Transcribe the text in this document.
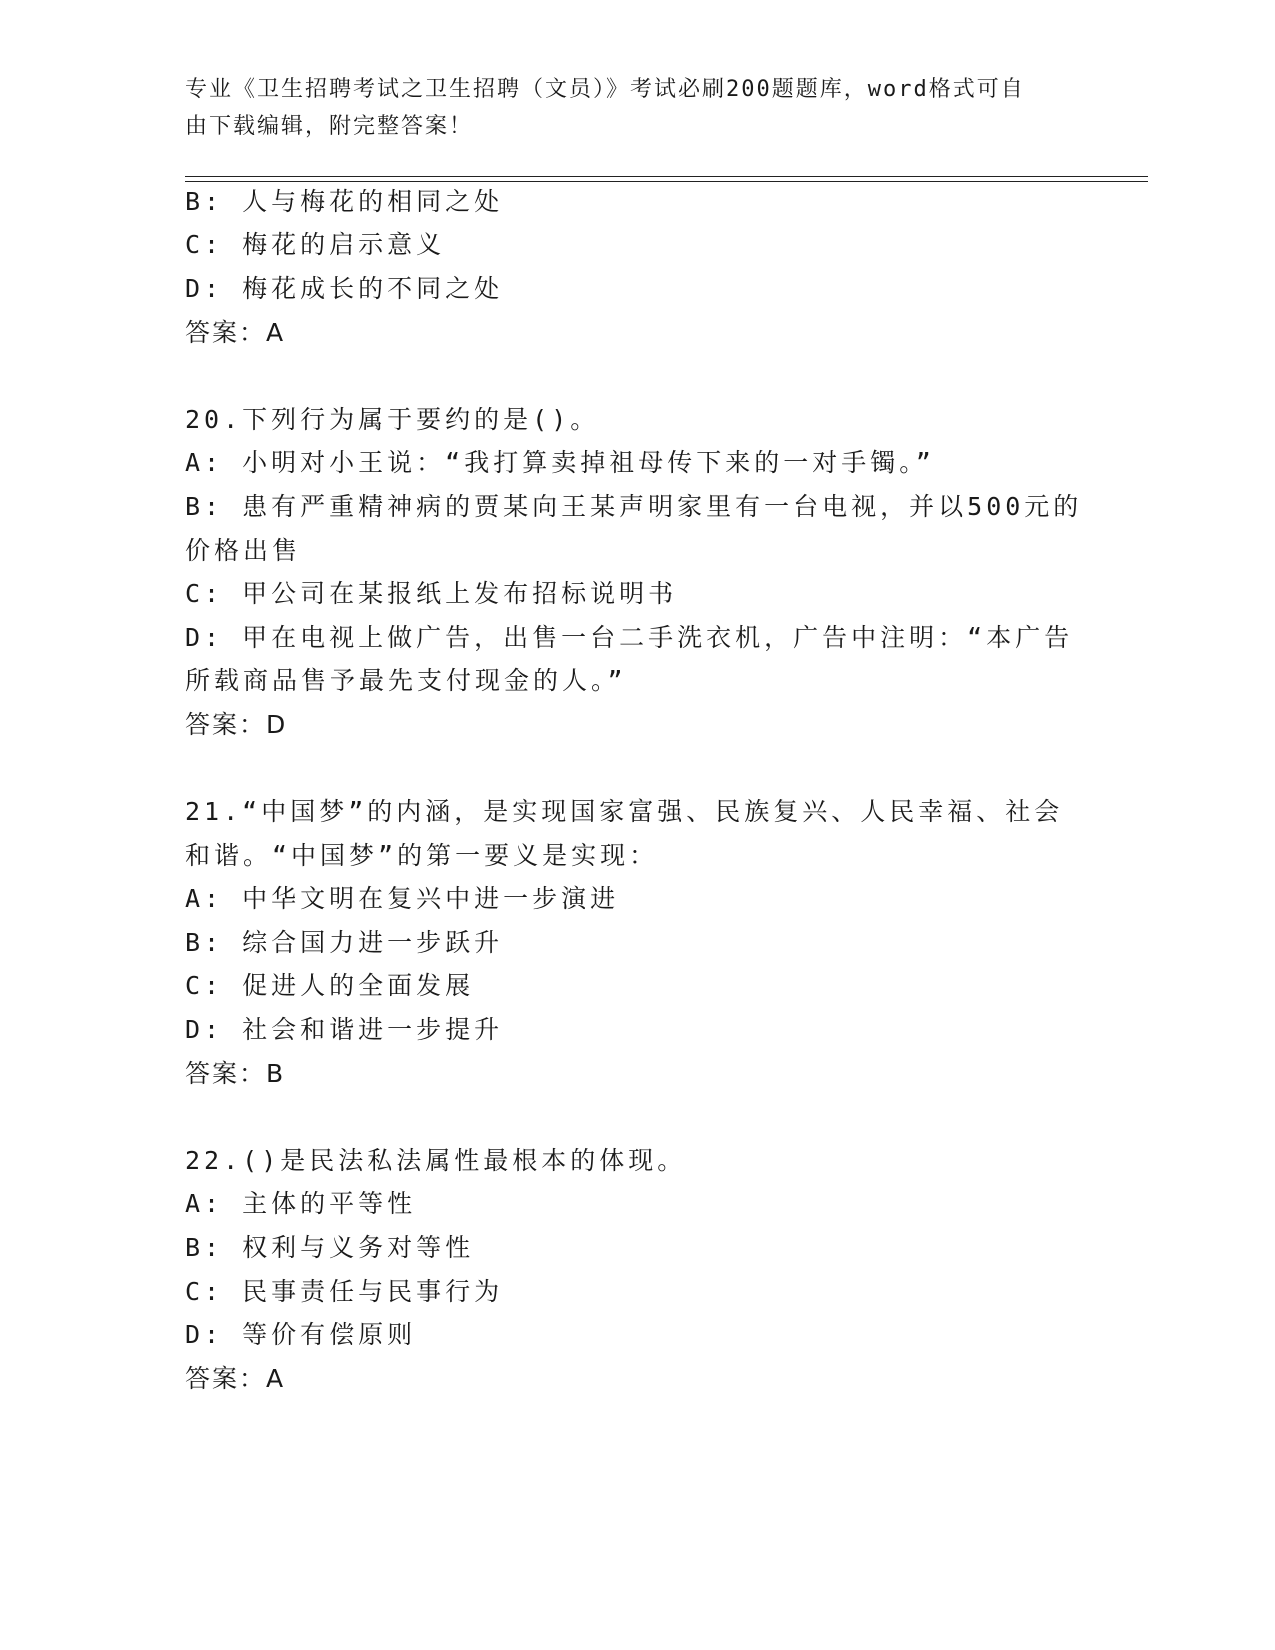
专业《卫生招聘考试之卫生招聘（文员）》考试必刷200题题库，word格式可自
由下载编辑，附完整答案！
B: 人与梅花的相同之处
C: 梅花的启示意义
D: 梅花成长的不同之处
答案：A
20.下列行为属于要约的是()。
A: 小明对小王说：“我打算卖掉祖母传下来的一对手镯。”
B: 患有严重精神病的贾某向王某声明家里有一台电视，并以500元的
价格出售
C: 甲公司在某报纸上发布招标说明书
D: 甲在电视上做广告，出售一台二手洗衣机，广告中注明：“本广告
所载商品售予最先支付现金的人。”
答案：D
21.“中国梦”的内涵，是实现国家富强、民族复兴、人民幸福、社会
和谐。“中国梦”的第一要义是实现：
A: 中华文明在复兴中进一步演进
B: 综合国力进一步跃升
C: 促进人的全面发展
D: 社会和谐进一步提升
答案：B
22.()是民法私法属性最根本的体现。
A: 主体的平等性
B: 权利与义务对等性
C: 民事责任与民事行为
D: 等价有偿原则
答案：A
